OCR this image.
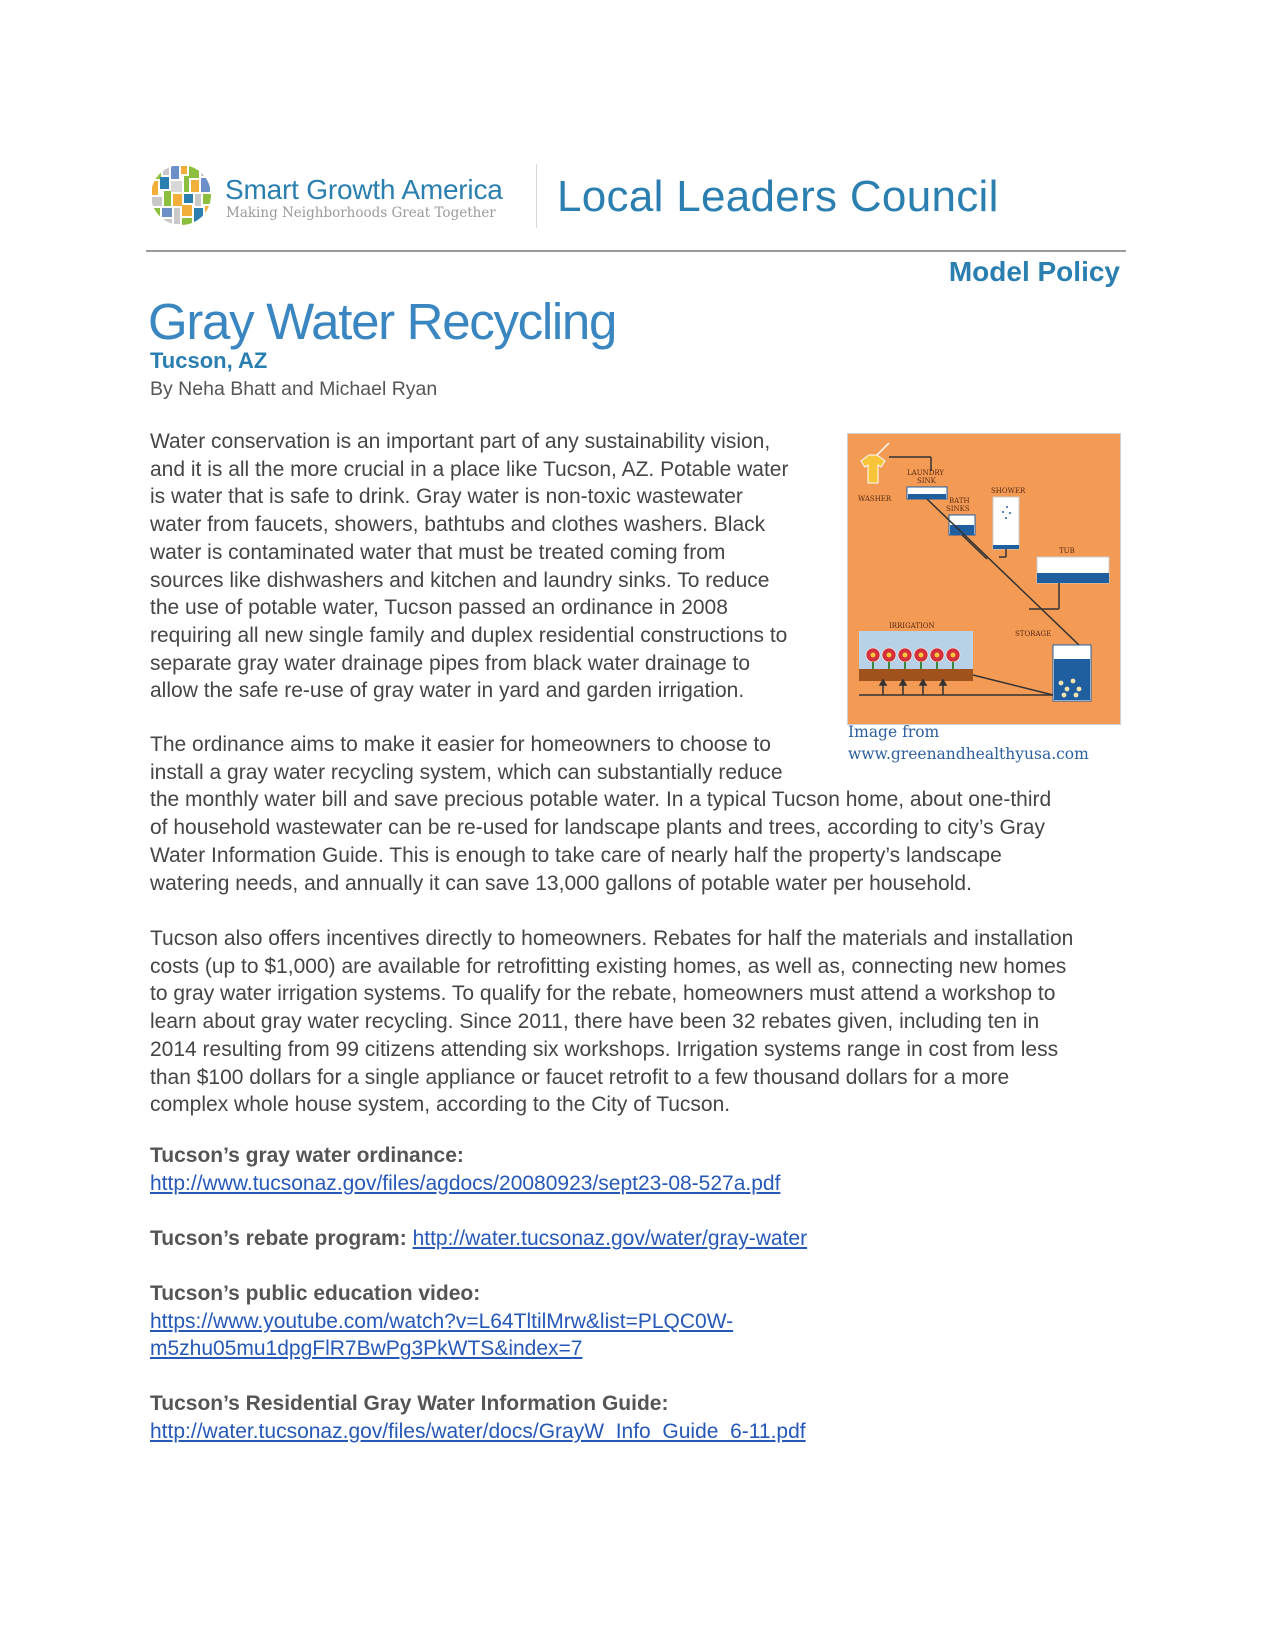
Smart Growth America
Making Neighborhoods Great Together Local Leaders Council
Model Policy
Gray Water Recycling
Tucson, AZ
By Neha Bhatt and Michael Ryan
Water conservation is an important part of any sustainability vision,
and it is all the more crucial in a place like Tucson, AZ. Potable water
is water that is safe to drink. Gray water is non-toxic wastewater
water from faucets, showers, bathtubs and clothes washers. Black
water is contaminated water that must be treated coming from
sources like dishwashers and kitchen and laundry sinks. To reduce
the use of potable water, Tucson passed an ordinance in 2008
requiring all new single family and duplex residential constructions to
separate gray water drainage pipes from black water drainage to
allow the safe re-use of gray water in yard and garden irrigation.
WASHER
LAUNDRY
SINK
BATH
SINKS
SHOWER
TUB
STORAGE
IRRIGATION
Image from
www.greenandhealthyusa.com
The ordinance aims to make it easier for homeowners to choose to
install a gray water recycling system, which can substantially reduce
the monthly water bill and save precious potable water. In a typical Tucson home, about one-third
of household wastewater can be re-used for landscape plants and trees, according to city’s Gray
Water Information Guide. This is enough to take care of nearly half the property’s landscape
watering needs, and annually it can save 13,000 gallons of potable water per household.
Tucson also offers incentives directly to homeowners. Rebates for half the materials and installation
costs (up to $1,000) are available for retrofitting existing homes, as well as, connecting new homes
to gray water irrigation systems. To qualify for the rebate, homeowners must attend a workshop to
learn about gray water recycling. Since 2011, there have been 32 rebates given, including ten in
2014 resulting from 99 citizens attending six workshops. Irrigation systems range in cost from less
than $100 dollars for a single appliance or faucet retrofit to a few thousand dollars for a more
complex whole house system, according to the City of Tucson.
Tucson’s gray water ordinance:
http://www.tucsonaz.gov/files/agdocs/20080923/sept23-08-527a.pdf
Tucson’s rebate program: http://water.tucsonaz.gov/water/gray-water
Tucson’s public education video:
https://www.youtube.com/watch?v=L64TltilMrw&list=PLQC0W-
m5zhu05mu1dpgFlR7BwPg3PkWTS&index=7
Tucson’s Residential Gray Water Information Guide:
http://water.tucsonaz.gov/files/water/docs/GrayW_Info_Guide_6-11.pdf
